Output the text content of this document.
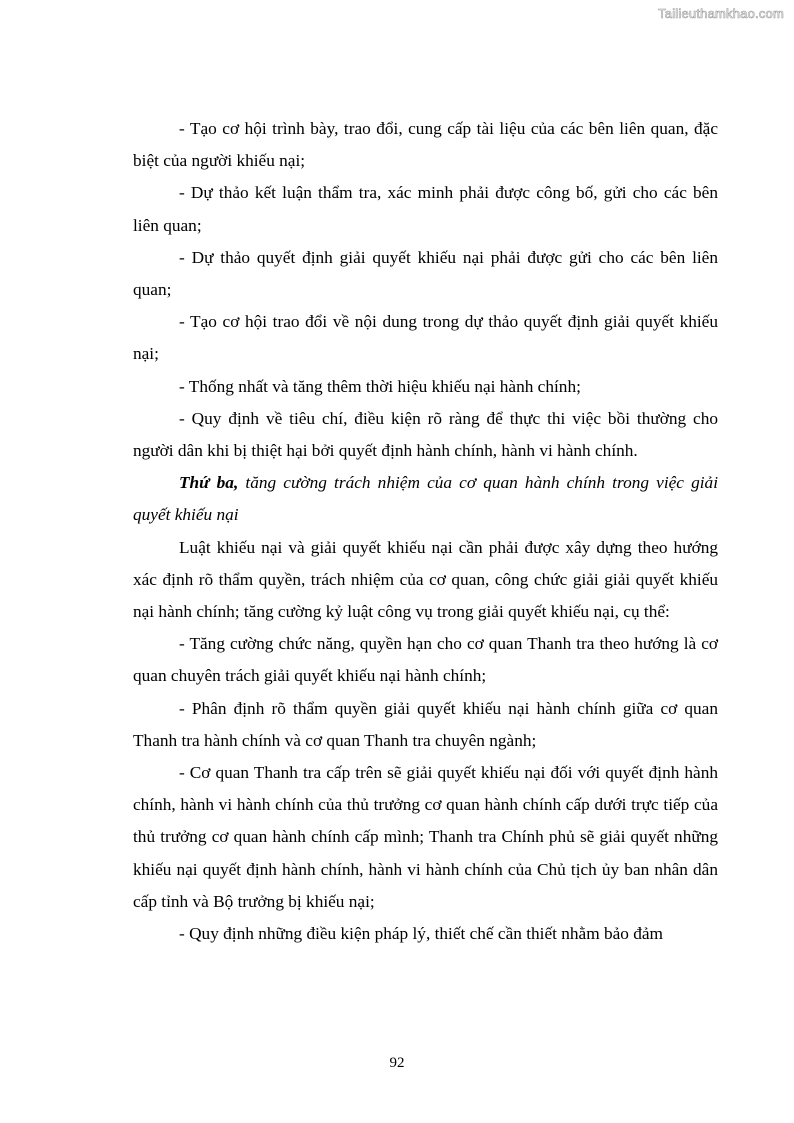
Tailieuthamkhao.com

- Tạo cơ hội trình bày, trao đổi, cung cấp tài liệu của các bên liên quan, đặc biệt của người khiếu nại;

- Dự thảo kết luận thẩm tra, xác minh phải được công bố, gửi cho các bên liên quan;

- Dự thảo quyết định giải quyết khiếu nại phải được gửi cho các bên liên quan;

- Tạo cơ hội trao đổi về nội dung trong dự thảo quyết định giải quyết khiếu nại;

- Thống nhất và tăng thêm thời hiệu khiếu nại hành chính;

- Quy định về tiêu chí, điều kiện rõ ràng để thực thi việc bồi thường cho người dân khi bị thiệt hại bởi quyết định hành chính, hành vi hành chính.

Thứ ba, tăng cường trách nhiệm của cơ quan hành chính trong việc giải quyết khiếu nại

Luật khiếu nại và giải quyết khiếu nại cần phải được xây dựng theo hướng xác định rõ thẩm quyền, trách nhiệm của cơ quan, công chức giải giải quyết khiếu nại hành chính; tăng cường kỷ luật công vụ trong giải quyết khiếu nại, cụ thể:

- Tăng cường chức năng, quyền hạn cho cơ quan Thanh tra theo hướng là cơ quan chuyên trách giải quyết khiếu nại hành chính;

- Phân định rõ thẩm quyền giải quyết khiếu nại hành chính giữa cơ quan Thanh tra hành chính và cơ quan Thanh tra chuyên ngành;

- Cơ quan Thanh tra cấp trên sẽ giải quyết khiếu nại đối với quyết định hành chính, hành vi hành chính của thủ trưởng cơ quan hành chính cấp dưới trực tiếp của thủ trưởng cơ quan hành chính cấp mình; Thanh tra Chính phủ sẽ giải quyết những khiếu nại quyết định hành chính, hành vi hành chính của Chủ tịch ủy ban nhân dân cấp tỉnh và Bộ trưởng bị khiếu nại;

- Quy định những điều kiện pháp lý, thiết chế cần thiết nhằm bảo đảm

92
